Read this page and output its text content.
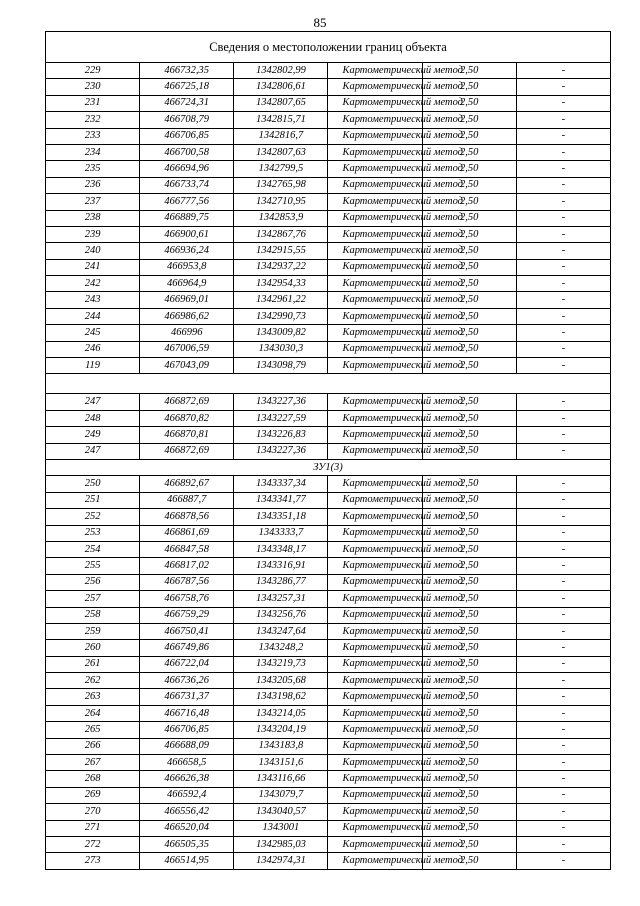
85
Сведения о местоположении границ объекта					
229	466732,35	1342802,99	Картометрический метод	2,50	-
230	466725,18	1342806,61	Картометрический метод	2,50	-
231	466724,31	1342807,65	Картометрический метод	2,50	-
232	466708,79	1342815,71	Картометрический метод	2,50	-
233	466706,85	1342816,7	Картометрический метод	2,50	-
234	466700,58	1342807,63	Картометрический метод	2,50	-
235	466694,96	1342799,5	Картометрический метод	2,50	-
236	466733,74	1342765,98	Картометрический метод	2,50	-
237	466777,56	1342710,95	Картометрический метод	2,50	-
238	466889,75	1342853,9	Картометрический метод	2,50	-
239	466900,61	1342867,76	Картометрический метод	2,50	-
240	466936,24	1342915,55	Картометрический метод	2,50	-
241	466953,8	1342937,22	Картометрический метод	2,50	-
242	466964,9	1342954,33	Картометрический метод	2,50	-
243	466969,01	1342961,22	Картометрический метод	2,50	-
244	466986,62	1342990,73	Картометрический метод	2,50	-
245	466996	1343009,82	Картометрический метод	2,50	-
246	467006,59	1343030,3	Картометрический метод	2,50	-
119	467043,09	1343098,79	Картометрический метод	2,50	-

247	466872,69	1343227,36	Картометрический метод	2,50	-
248	466870,82	1343227,59	Картометрический метод	2,50	-
249	466870,81	1343226,83	Картометрический метод	2,50	-
247	466872,69	1343227,36	Картометрический метод	2,50	-
ЗУ1(3)					
250	466892,67	1343337,34	Картометрический метод	2,50	-
251	466887,7	1343341,77	Картометрический метод	2,50	-
252	466878,56	1343351,18	Картометрический метод	2,50	-
253	466861,69	1343333,7	Картометрический метод	2,50	-
254	466847,58	1343348,17	Картометрический метод	2,50	-
255	466817,02	1343316,91	Картометрический метод	2,50	-
256	466787,56	1343286,77	Картометрический метод	2,50	-
257	466758,76	1343257,31	Картометрический метод	2,50	-
258	466759,29	1343256,76	Картометрический метод	2,50	-
259	466750,41	1343247,64	Картометрический метод	2,50	-
260	466749,86	1343248,2	Картометрический метод	2,50	-
261	466722,04	1343219,73	Картометрический метод	2,50	-
262	466736,26	1343205,68	Картометрический метод	2,50	-
263	466731,37	1343198,62	Картометрический метод	2,50	-
264	466716,48	1343214,05	Картометрический метод	2,50	-
265	466706,85	1343204,19	Картометрический метод	2,50	-
266	466688,09	1343183,8	Картометрический метод	2,50	-
267	466658,5	1343151,6	Картометрический метод	2,50	-
268	466626,38	1343116,66	Картометрический метод	2,50	-
269	466592,4	1343079,7	Картометрический метод	2,50	-
270	466556,42	1343040,57	Картометрический метод	2,50	-
271	466520,04	1343001	Картометрический метод	2,50	-
272	466505,35	1342985,03	Картометрический метод	2,50	-
273	466514,95	1342974,31	Картометрический метод	2,50	-
